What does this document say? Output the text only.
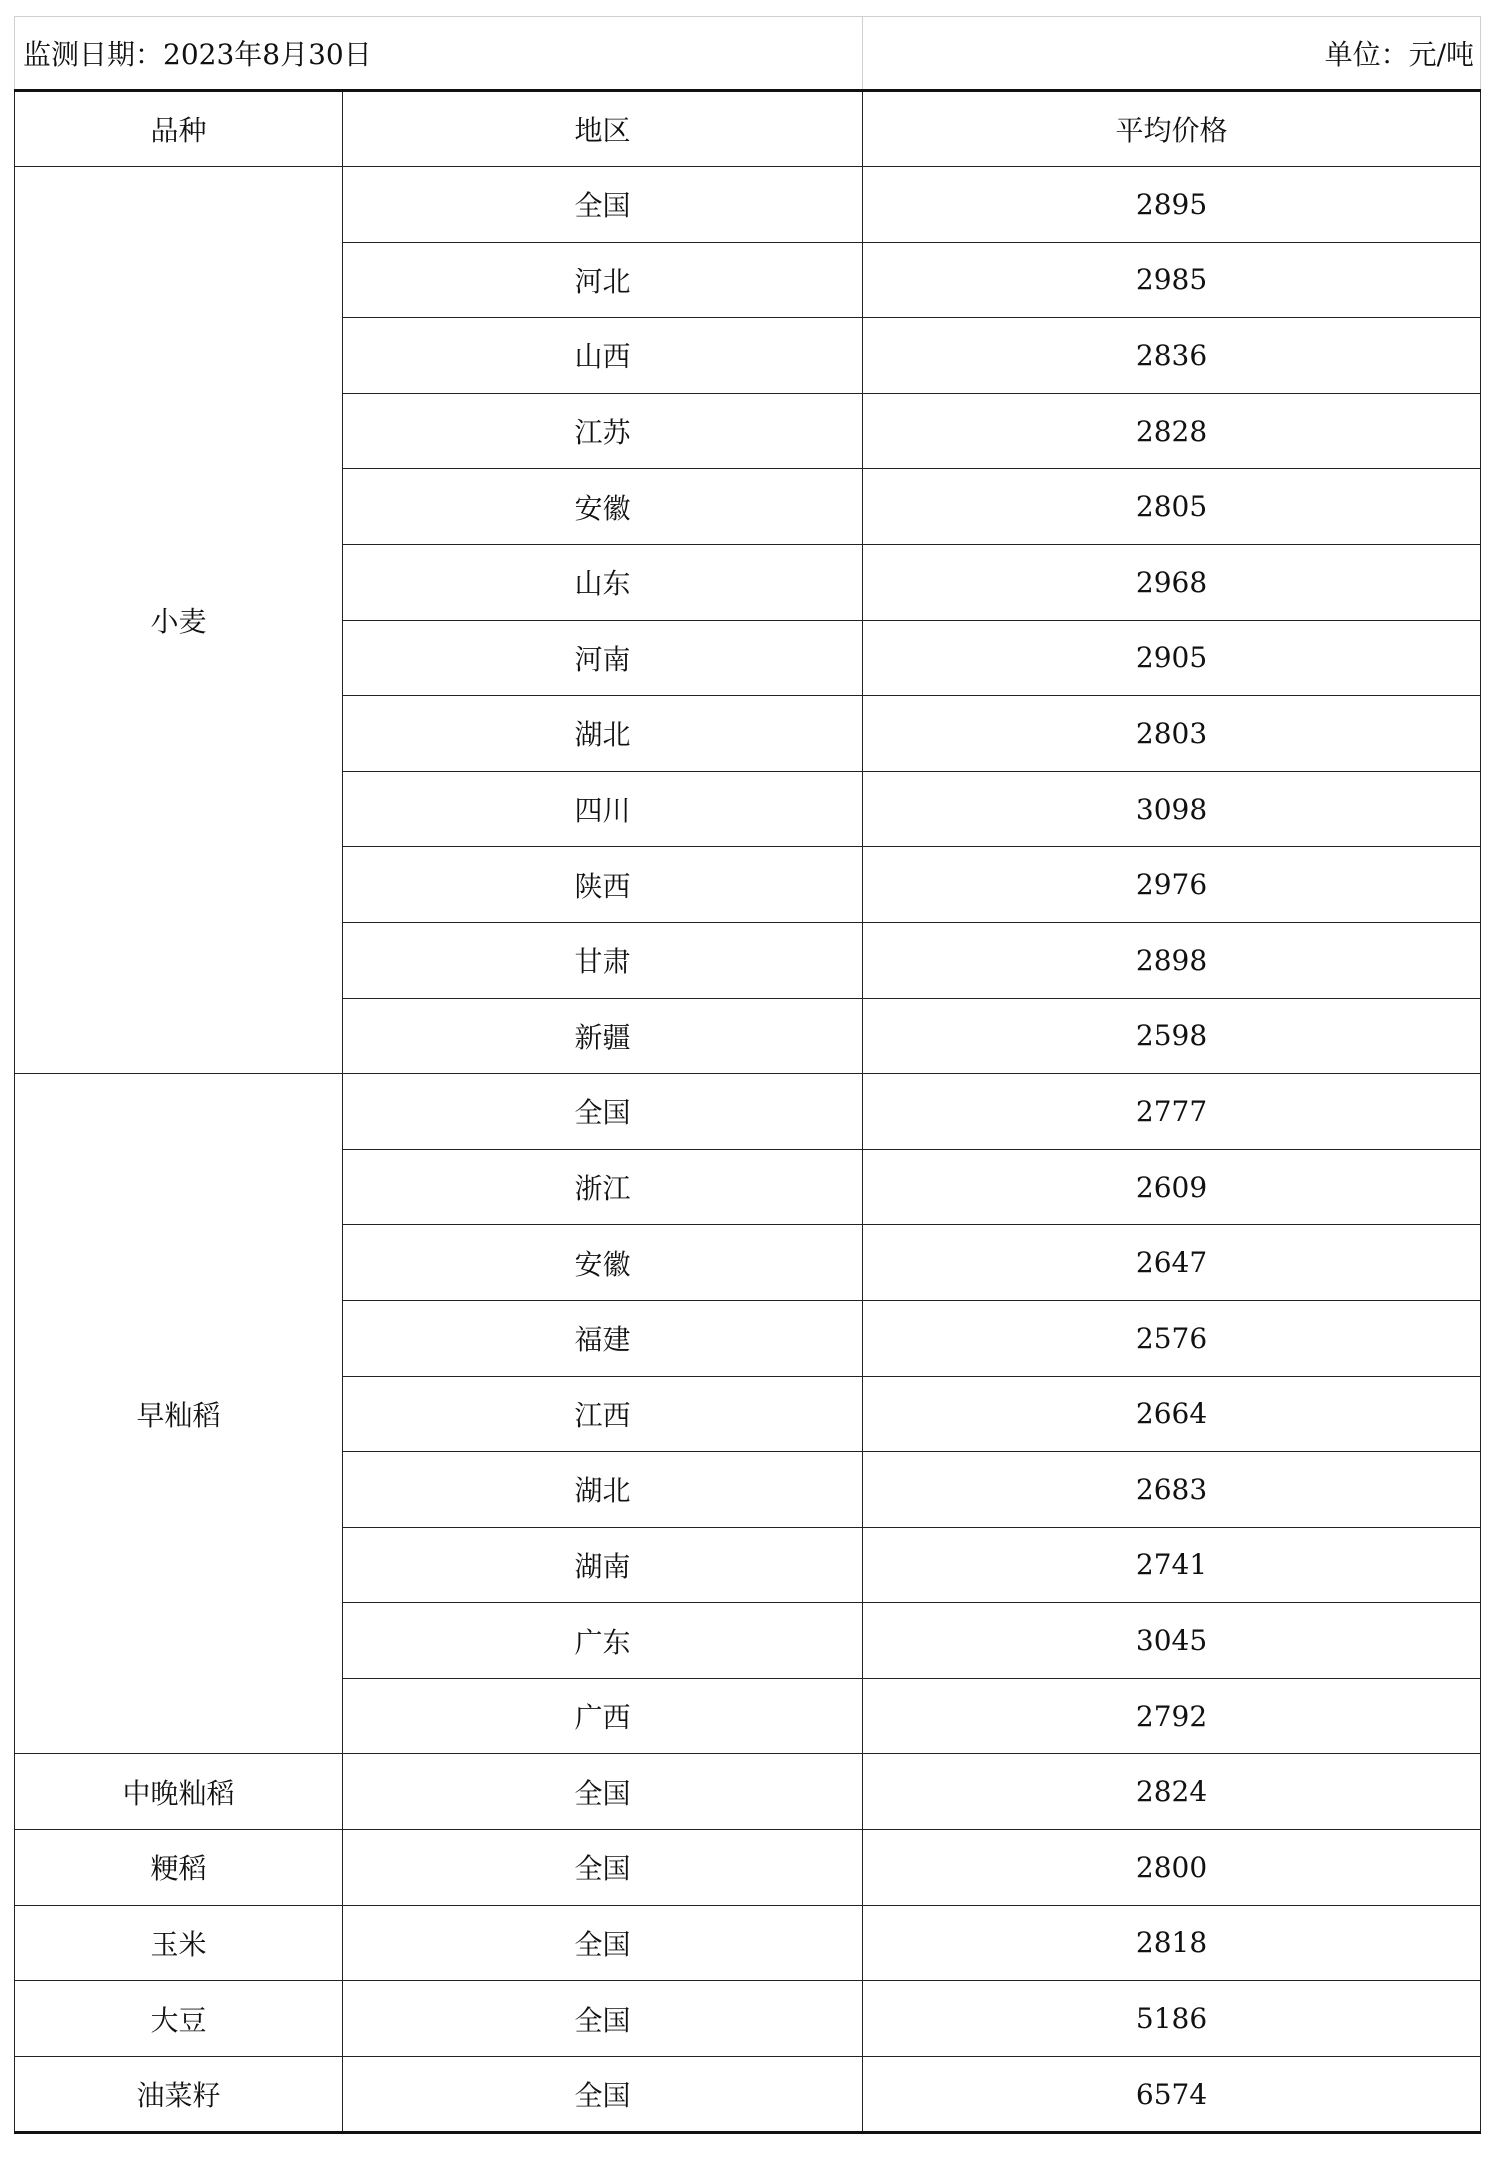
监测日期：2023年8月30日		单位：元/吨
品种	地区	平均价格
小麦	全国	2895
	河北	2985
	山西	2836
	江苏	2828
	安徽	2805
	山东	2968
	河南	2905
	湖北	2803
	四川	3098
	陕西	2976
	甘肃	2898
	新疆	2598
早籼稻	全国	2777
	浙江	2609
	安徽	2647
	福建	2576
	江西	2664
	湖北	2683
	湖南	2741
	广东	3045
	广西	2792
中晚籼稻	全国	2824
粳稻	全国	2800
玉米	全国	2818
大豆	全国	5186
油菜籽	全国	6574
